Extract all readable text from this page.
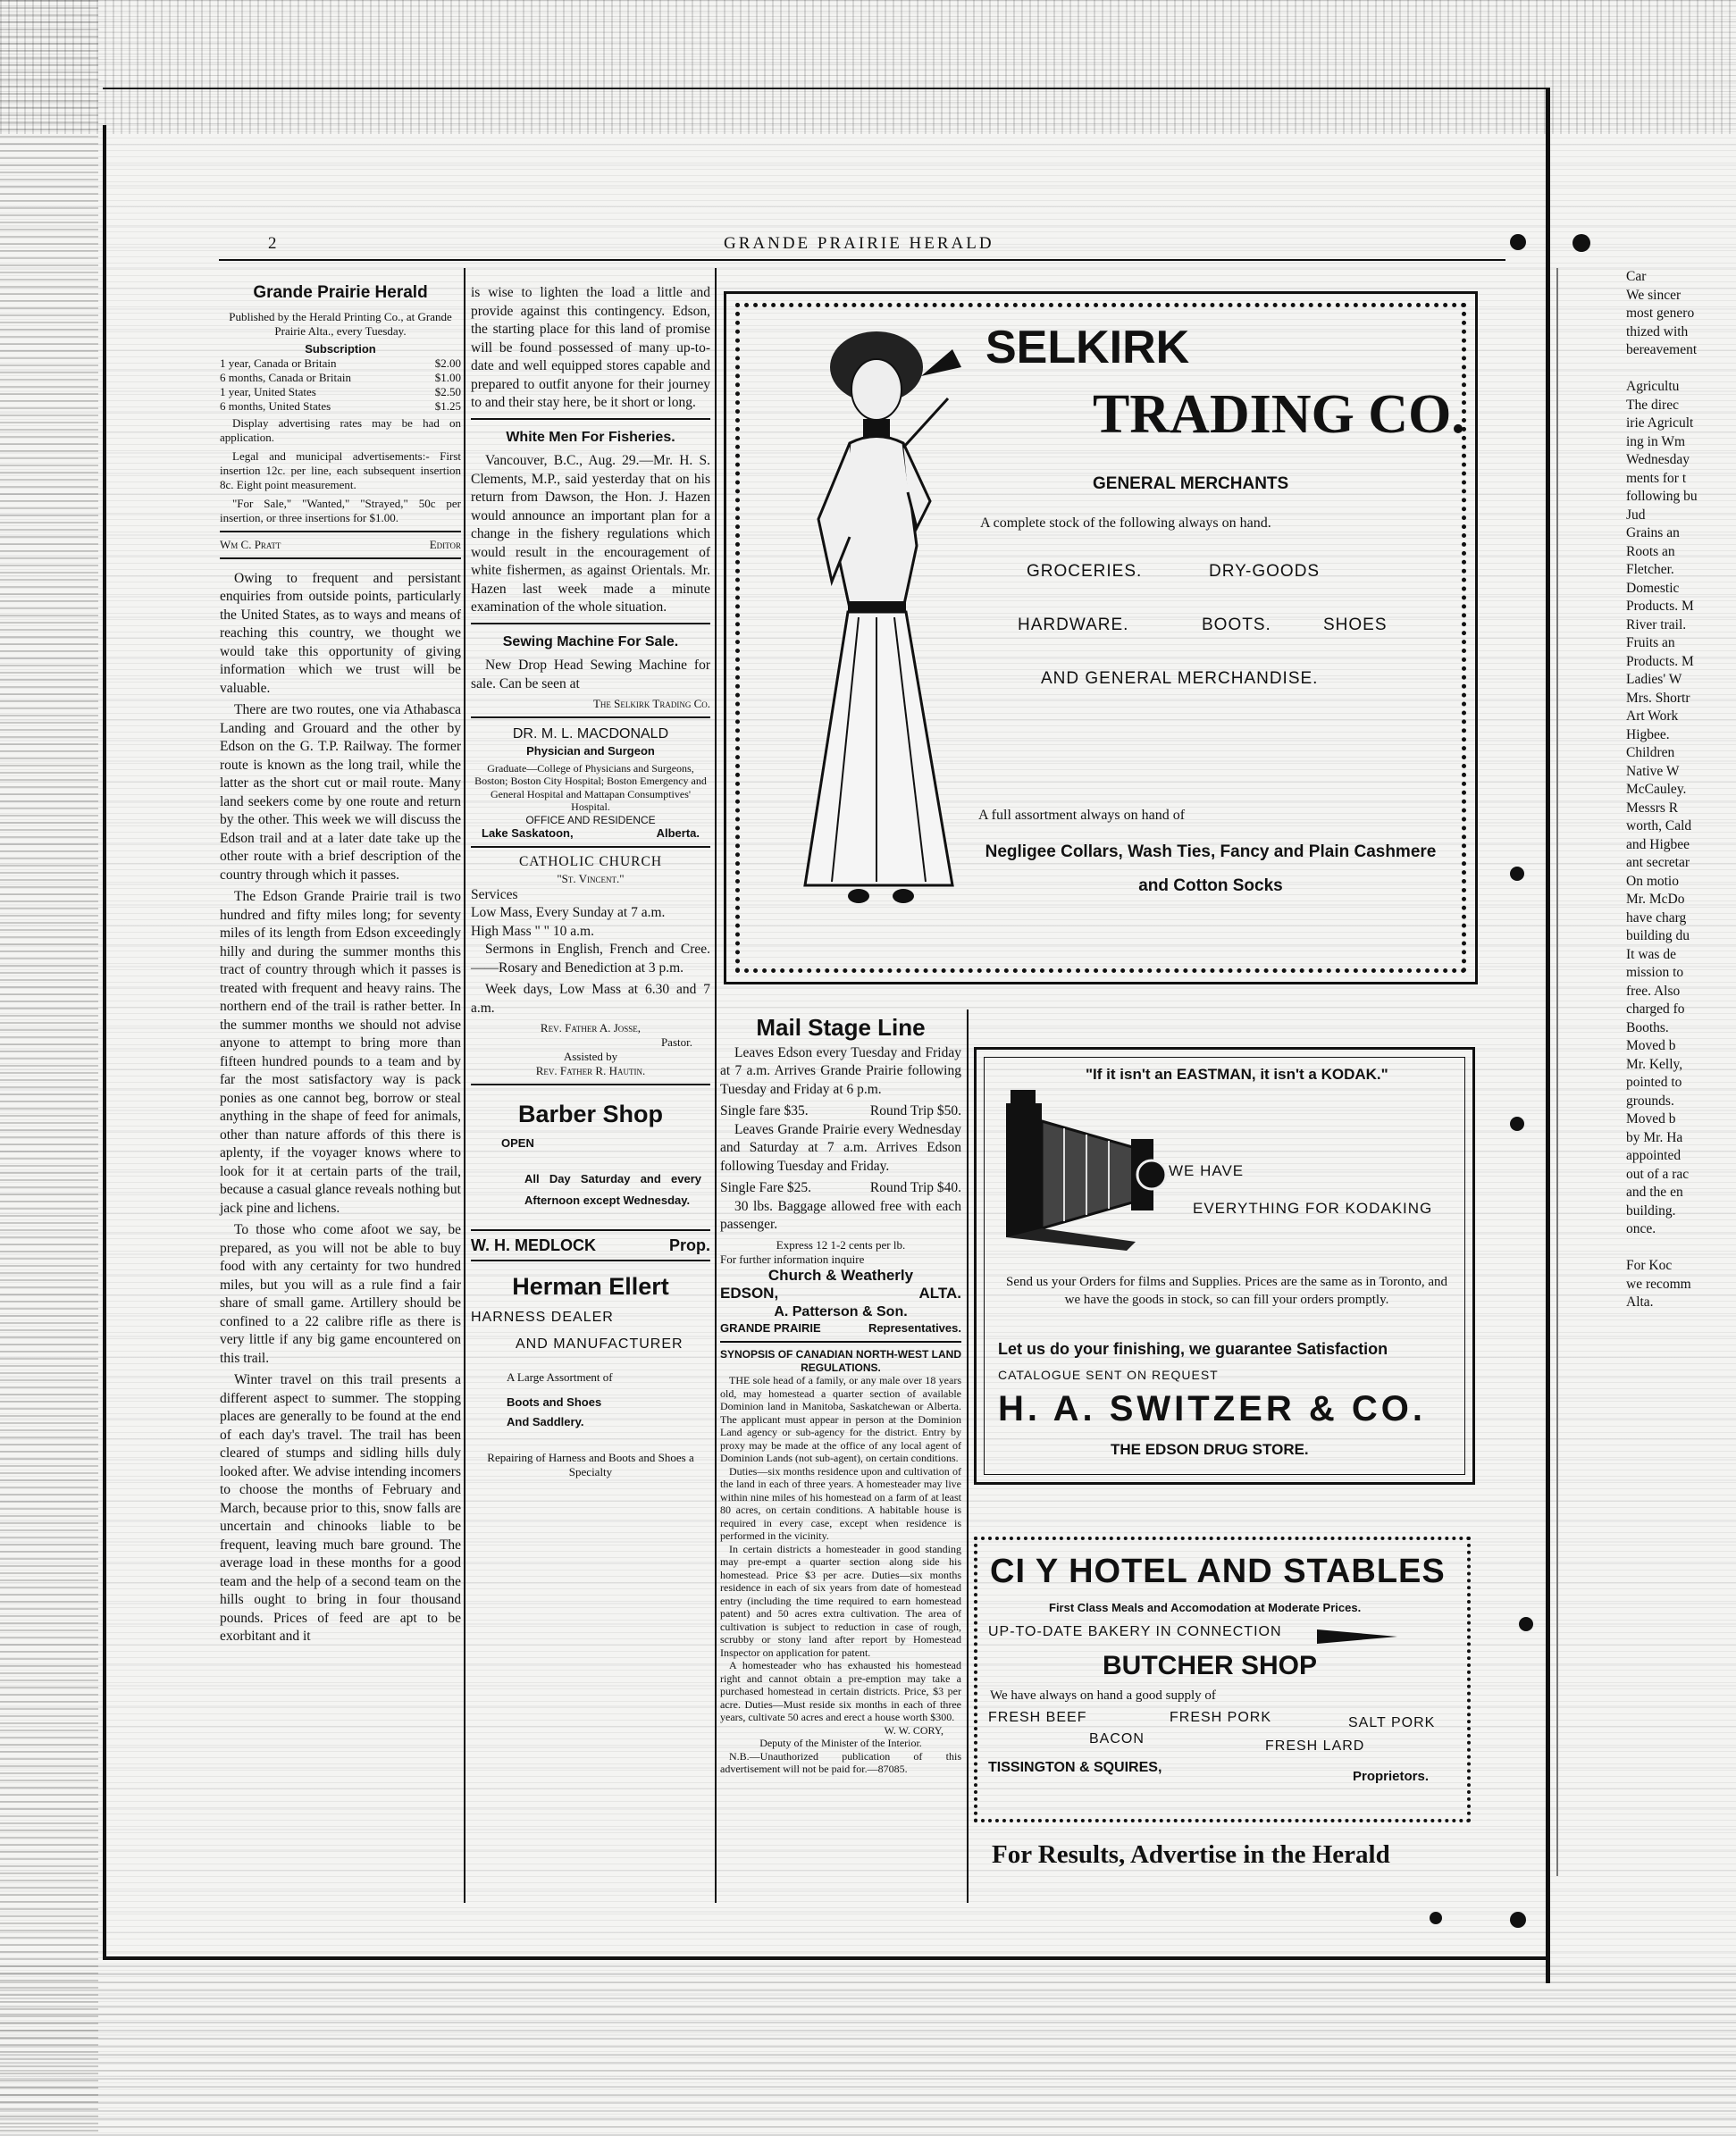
2	GRANDE PRAIRIE HERALD
Grande Prairie Herald
Published by the Herald Printing Co., at Grande Prairie Alta., every Tuesday.
Subscription
1 year, Canada or Britain	$2.00
6 months, Canada or Britain	$1.00
1 year, United States	$2.50
6 months, United States	$1.25
Display advertising rates may be had on application.
Legal and municipal advertisements:- First insertion 12c. per line, each subsequent insertion 8c. Eight point measurement.
"For Sale," "Wanted," "Strayed," 50c per insertion, or three insertions for $1.00.
Wm C. Pratt	Editor

Owing to frequent and persistant enquiries from outside points, particularly the United States, as to ways and means of reaching this country, we thought we would take this opportunity of giving information which we trust will be valuable.

There are two routes, one via Athabasca Landing and Grouard and the other by Edson on the G. T.P. Railway. The former route is known as the long trail, while the latter as the short cut or mail route. Many land seekers come by one route and return by the other. This week we will discuss the Edson trail and at a later date take up the other route with a brief description of the country through which it passes.

The Edson Grande Prairie trail is two hundred and fifty miles long; for seventy miles of its length from Edson exceedingly hilly and during the summer months this tract of country through which it passes is treated with frequent and heavy rains. The northern end of the trail is rather better. In the summer months we should not advise anyone to attempt to bring more than fifteen hundred pounds to a team and by far the most satisfactory way is pack ponies as one cannot beg, borrow or steal anything in the shape of feed for animals, other than nature affords of this there is aplenty, if the voyager knows where to look for it at certain parts of the trail, because a casual glance reveals nothing but jack pine and lichens.

To those who come afoot we say, be prepared, as you will not be able to buy food with any certainty for two hundred miles, but you will as a rule find a fair share of small game. Artillery should be confined to a 22 calibre rifle as there is very little if any big game encountered on this trail.

Winter travel on this trail presents a different aspect to summer. The stopping places are generally to be found at the end of each day's travel. The trail has been cleared of stumps and sidling hills duly looked after. We advise intending incomers to choose the months of February and March, because prior to this, snow falls are uncertain and chinooks liable to be frequent, leaving much bare ground. The average load in these months for a good team and the help of a second team on the hills ought to bring in four thousand pounds. Prices of feed are apt to be exorbitant and it

is wise to lighten the load a little and provide against this contingency. Edson, the starting place for this land of promise will be found possessed of many up-to-date and well equipped stores capable and prepared to outfit anyone for their journey to and their stay here, be it short or long.

White Men For Fisheries.

Vancouver, B.C., Aug. 29.—Mr. H. S. Clements, M.P., said yesterday that on his return from Dawson, the Hon. J. Hazen would announce an important plan for a change in the fishery regulations which would result in the encouragement of white fishermen, as against Orientals. Mr. Hazen last week made a minute examination of the whole situation.

Sewing Machine For Sale.

New Drop Head Sewing Machine for sale. Can be seen at

The Selkirk Trading Co.
DR. M. L. MACDONALD
Physician and Surgeon
Graduate—College of Physicians and Surgeons, Boston; Boston City Hospital; Boston Emergency and General Hospital and Mattapan Consumptives' Hospital.
OFFICE AND RESIDENCE
Lake Saskatoon,	Alberta.
CATHOLIC CHURCH
"St. Vincent."
Services
Low Mass, Every Sunday at 7 a.m.
High Mass " " 10 a.m.

Sermons in English, French and Cree.——Rosary and Benediction at 3 p.m.

Week days, Low Mass at 6.30 and 7 a.m.

Rev. Father A. Josse,
Pastor.
Assisted by
Rev. Father R. Hautin.
Barber Shop
OPEN
All Day Saturday and every Afternoon except Wednesday.
W. H. MEDLOCK	Prop.
Herman Ellert
HARNESS DEALER
AND MANUFACTURER
A Large Assortment of
Boots and Shoes
And Saddlery.
Repairing of Harness and Boots and Shoes a Specialty
SELKIRK
TRADING CO.
GENERAL MERCHANTS
A complete stock of the following always on hand.
GROCERIES.	DRY-GOODS
HARDWARE.	BOOTS.	SHOES
AND GENERAL MERCHANDISE.
A full assortment always on hand of
Negligee Collars, Wash Ties, Fancy and Plain Cashmere and Cotton Socks
Mail Stage Line

Leaves Edson every Tuesday and Friday at 7 a.m. Arrives Grande Prairie following Tuesday and Friday at 6 p.m.

Single fare $35.	Round Trip $50.

Leaves Grande Prairie every Wednesday and Saturday at 7 a.m. Arrives Edson following Tuesday and Friday.

Single Fare $25.	Round Trip $40.

30 lbs. Baggage allowed free with each passenger.

Express 12 1-2 cents per lb.
For further information inquire
Church & Weatherly
EDSON,	ALTA.
A. Patterson & Son.
GRANDE PRAIRIE	Representatives.
SYNOPSIS OF CANADIAN NORTH-WEST LAND REGULATIONS.
THE sole head of a family, or any male over 18 years old, may homestead a quarter section of available Dominion land in Manitoba, Saskatchewan or Alberta. The applicant must appear in person at the Dominion Land agency or sub-agency for the district. Entry by proxy may be made at the office of any local agent of Dominion Lands (not sub-agent), on certain conditions.
Duties—six months residence upon and cultivation of the land in each of three years. A homesteader may live within nine miles of his homestead on a farm of at least 80 acres, on certain conditions. A habitable house is required in every case, except when residence is performed in the vicinity.
In certain districts a homesteader in good standing may pre-empt a quarter section along side his homestead. Price $3 per acre. Duties—six months residence in each of six years from date of homestead entry (including the time required to earn homestead patent) and 50 acres extra cultivation. The area of cultivation is subject to reduction in case of rough, scrubby or stony land after report by Homestead Inspector on application for patent.
A homesteader who has exhausted his homestead right and cannot obtain a pre-emption may take a purchased homestead in certain districts. Price, $3 per acre. Duties—Must reside six months in each of three years, cultivate 50 acres and erect a house worth $300.
W. W. CORY,
Deputy of the Minister of the Interior.
N.B.—Unauthorized publication of this advertisement will not be paid for.—87085.
"If it isn't an EASTMAN, it isn't a KODAK."
WE HAVE
EVERYTHING FOR KODAKING
Send us your Orders for films and Supplies. Prices are the same as in Toronto, and we have the goods in stock, so can fill your orders promptly.
Let us do your finishing, we guarantee Satisfaction
CATALOGUE SENT ON REQUEST
H. A. SWITZER & CO.
THE EDSON DRUG STORE.
CI Y HOTEL AND STABLES
First Class Meals and Accomodation at Moderate Prices.
UP-TO-DATE BAKERY IN CONNECTION
BUTCHER SHOP
We have always on hand a good supply of
FRESH BEEF	FRESH PORK	SALT PORK
BACON	FRESH LARD
TISSINGTON & SQUIRES,
Proprietors.
For Results, Advertise in the Herald
Car
We sincer
most genero
thized with
bereavement

Agricultu
The direc
irie Agricult
ing in Wm
Wednesday
ments for t
following bu
Jud
Grains an
Roots an
Fletcher.
Domestic
Products. M
River trail.
Fruits an
Products. M
Ladies' W
Mrs. Shortr
Art Work
Higbee.
Children
Native W
McCauley.
Messrs R
worth, Cald
and Higbee
ant secretar
On motio
Mr. McDo
have charg
building du
It was de
mission to
free. Also
charged fo
Booths.
Moved b
Mr. Kelly,
pointed to
grounds.
Moved b
by Mr. Ha
appointed
out of a rac
and the en
building.
once.

For Koc
we recomm
Alta.
